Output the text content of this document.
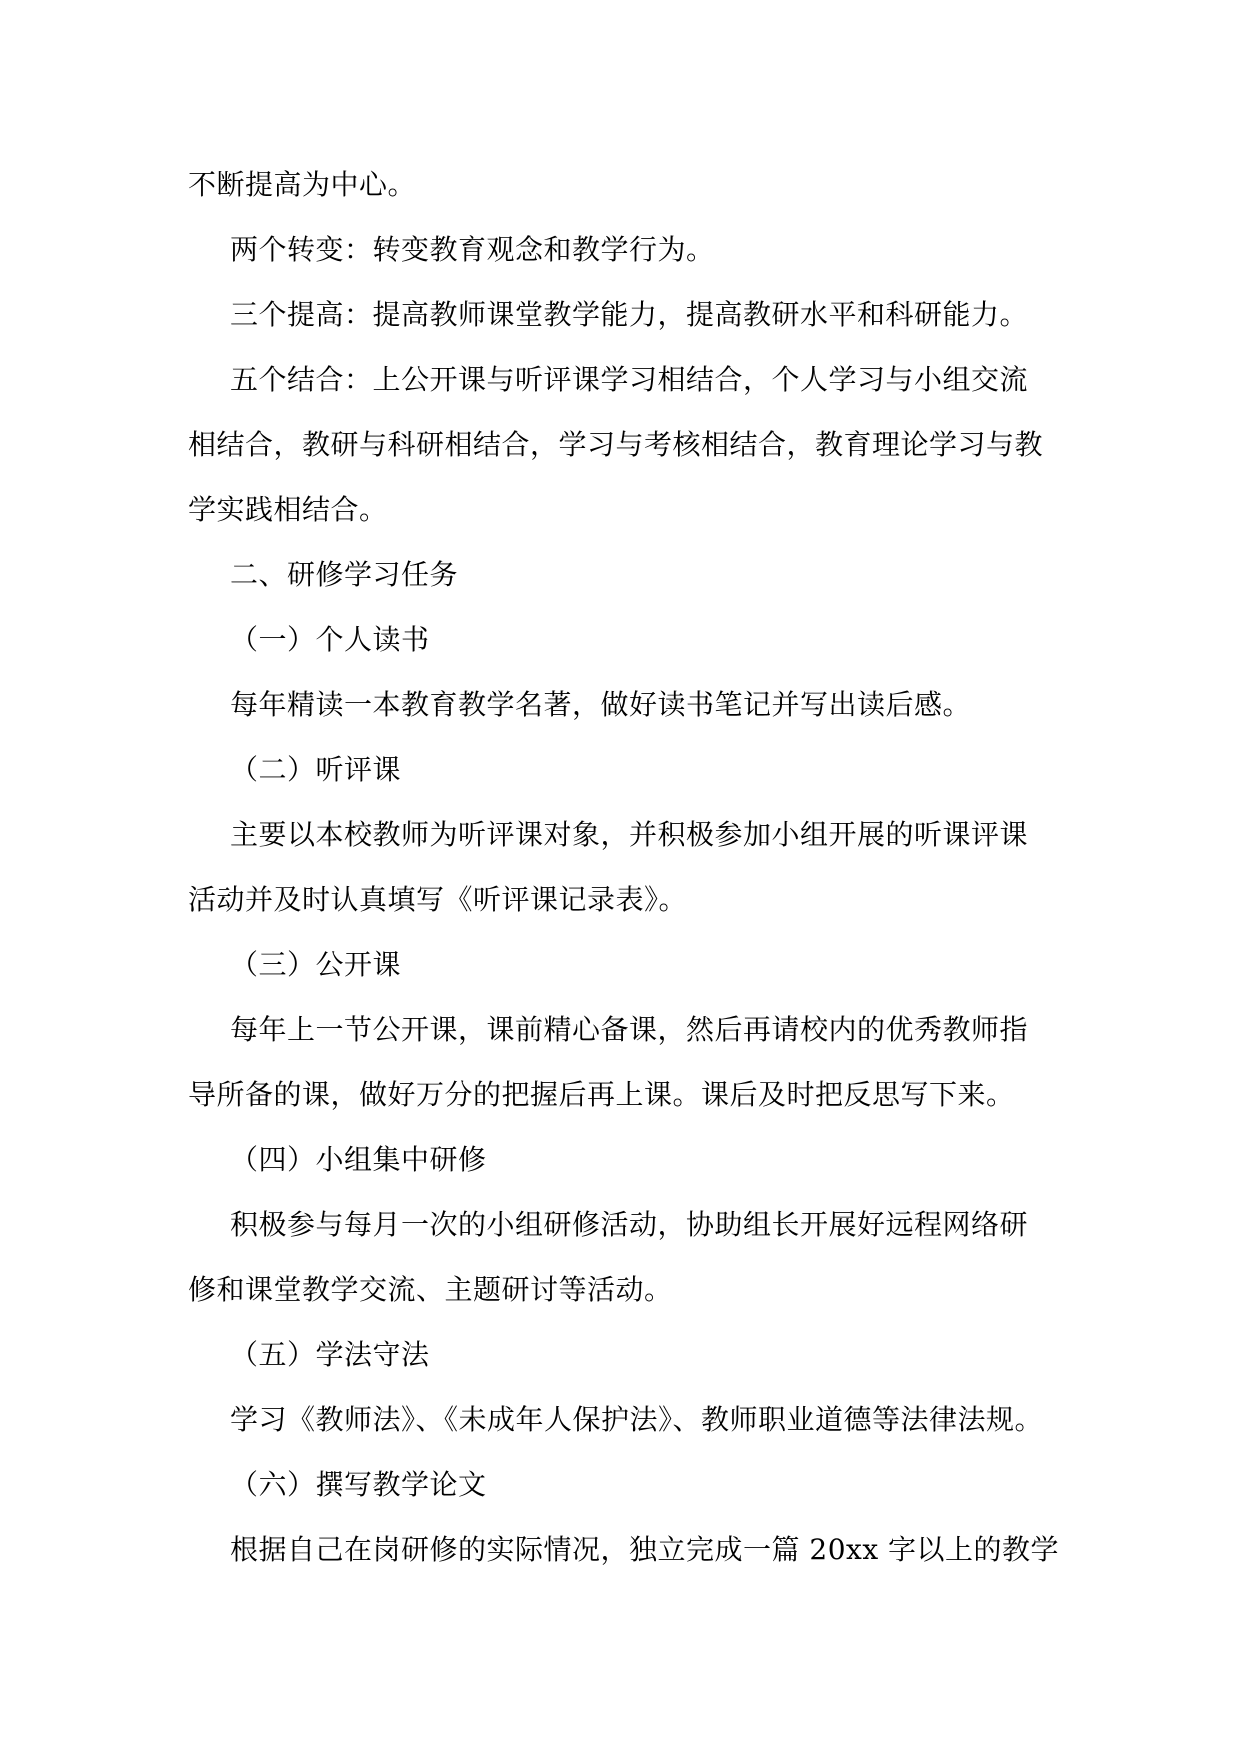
不断提高为中心。

两个转变：转变教育观念和教学行为。

三个提高：提高教师课堂教学能力，提高教研水平和科研能力。

五个结合：上公开课与听评课学习相结合，个人学习与小组交流

相结合，教研与科研相结合，学习与考核相结合，教育理论学习与教

学实践相结合。

二、研修学习任务

（一）个人读书

每年精读一本教育教学名著，做好读书笔记并写出读后感。

（二）听评课

主要以本校教师为听评课对象，并积极参加小组开展的听课评课

活动并及时认真填写《听评课记录表》。

（三）公开课

每年上一节公开课，课前精心备课，然后再请校内的优秀教师指

导所备的课，做好万分的把握后再上课。课后及时把反思写下来。

（四）小组集中研修

积极参与每月一次的小组研修活动，协助组长开展好远程网络研

修和课堂教学交流、主题研讨等活动。

（五）学法守法

学习《教师法》、《未成年人保护法》、教师职业道德等法律法规。

（六）撰写教学论文

根据自己在岗研修的实际情况，独立完成一篇 20xx 字以上的教学
